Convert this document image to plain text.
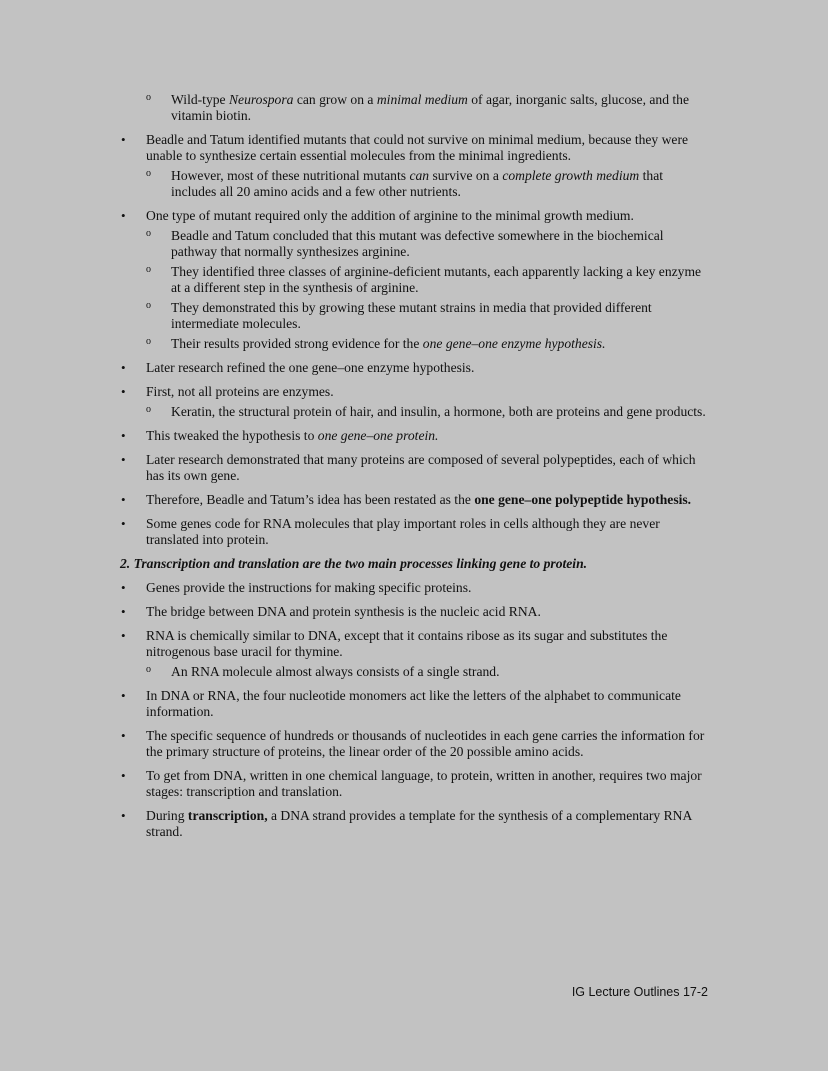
o Wild-type Neurospora can grow on a minimal medium of agar, inorganic salts, glucose, and the vitamin biotin.
• Beadle and Tatum identified mutants that could not survive on minimal medium, because they were unable to synthesize certain essential molecules from the minimal ingredients.
o However, most of these nutritional mutants can survive on a complete growth medium that includes all 20 amino acids and a few other nutrients.
• One type of mutant required only the addition of arginine to the minimal growth medium.
o Beadle and Tatum concluded that this mutant was defective somewhere in the biochemical pathway that normally synthesizes arginine.
o They identified three classes of arginine-deficient mutants, each apparently lacking a key enzyme at a different step in the synthesis of arginine.
o They demonstrated this by growing these mutant strains in media that provided different intermediate molecules.
o Their results provided strong evidence for the one gene–one enzyme hypothesis.
• Later research refined the one gene–one enzyme hypothesis.
• First, not all proteins are enzymes.
o Keratin, the structural protein of hair, and insulin, a hormone, both are proteins and gene products.
• This tweaked the hypothesis to one gene–one protein.
• Later research demonstrated that many proteins are composed of several polypeptides, each of which has its own gene.
• Therefore, Beadle and Tatum’s idea has been restated as the one gene–one polypeptide hypothesis.
• Some genes code for RNA molecules that play important roles in cells although they are never translated into protein.
2. Transcription and translation are the two main processes linking gene to protein.
• Genes provide the instructions for making specific proteins.
• The bridge between DNA and protein synthesis is the nucleic acid RNA.
• RNA is chemically similar to DNA, except that it contains ribose as its sugar and substitutes the nitrogenous base uracil for thymine.
o An RNA molecule almost always consists of a single strand.
• In DNA or RNA, the four nucleotide monomers act like the letters of the alphabet to communicate information.
• The specific sequence of hundreds or thousands of nucleotides in each gene carries the information for the primary structure of proteins, the linear order of the 20 possible amino acids.
• To get from DNA, written in one chemical language, to protein, written in another, requires two major stages: transcription and translation.
• During transcription, a DNA strand provides a template for the synthesis of a complementary RNA strand.
IG Lecture Outlines 17-2
